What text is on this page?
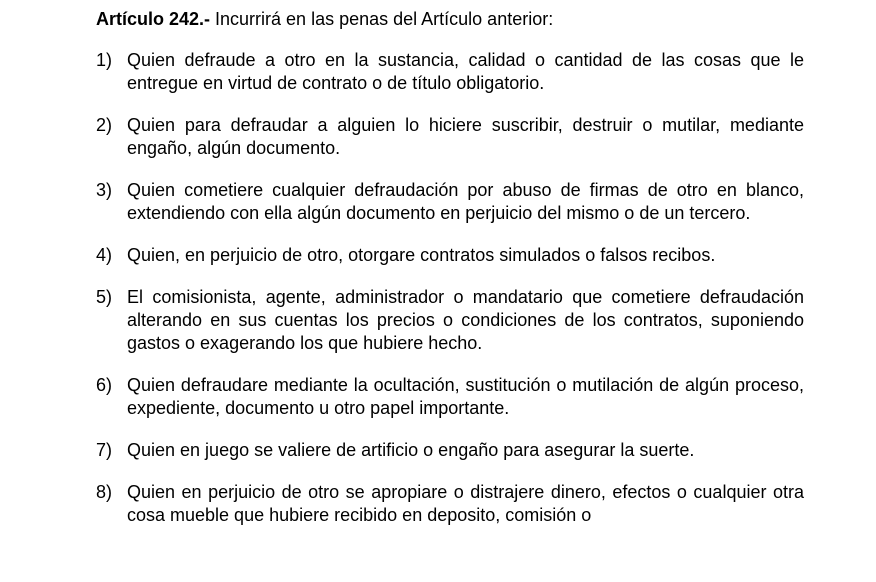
Artículo 242.- Incurrirá en las penas del Artículo anterior:

1) Quien defraude a otro en la sustancia, calidad o cantidad de las cosas que le entregue en virtud de contrato o de título obligatorio.
2) Quien para defraudar a alguien lo hiciere suscribir, destruir o mutilar, mediante engaño, algún documento.
3) Quien cometiere cualquier defraudación por abuso de firmas de otro en blanco, extendiendo con ella algún documento en perjuicio del mismo o de un tercero.
4) Quien, en perjuicio de otro, otorgare contratos simulados o falsos recibos.
5) El comisionista, agente, administrador o mandatario que cometiere defraudación alterando en sus cuentas los precios o condiciones de los contratos, suponiendo gastos o exagerando los que hubiere hecho.
6) Quien defraudare mediante la ocultación, sustitución o mutilación de algún proceso, expediente, documento u otro papel importante.
7) Quien en juego se valiere de artificio o engaño para asegurar la suerte.
8) Quien en perjuicio de otro se apropiare o distrajere dinero, efectos o cualquier otra cosa mueble que hubiere recibido en deposito, comisión o
